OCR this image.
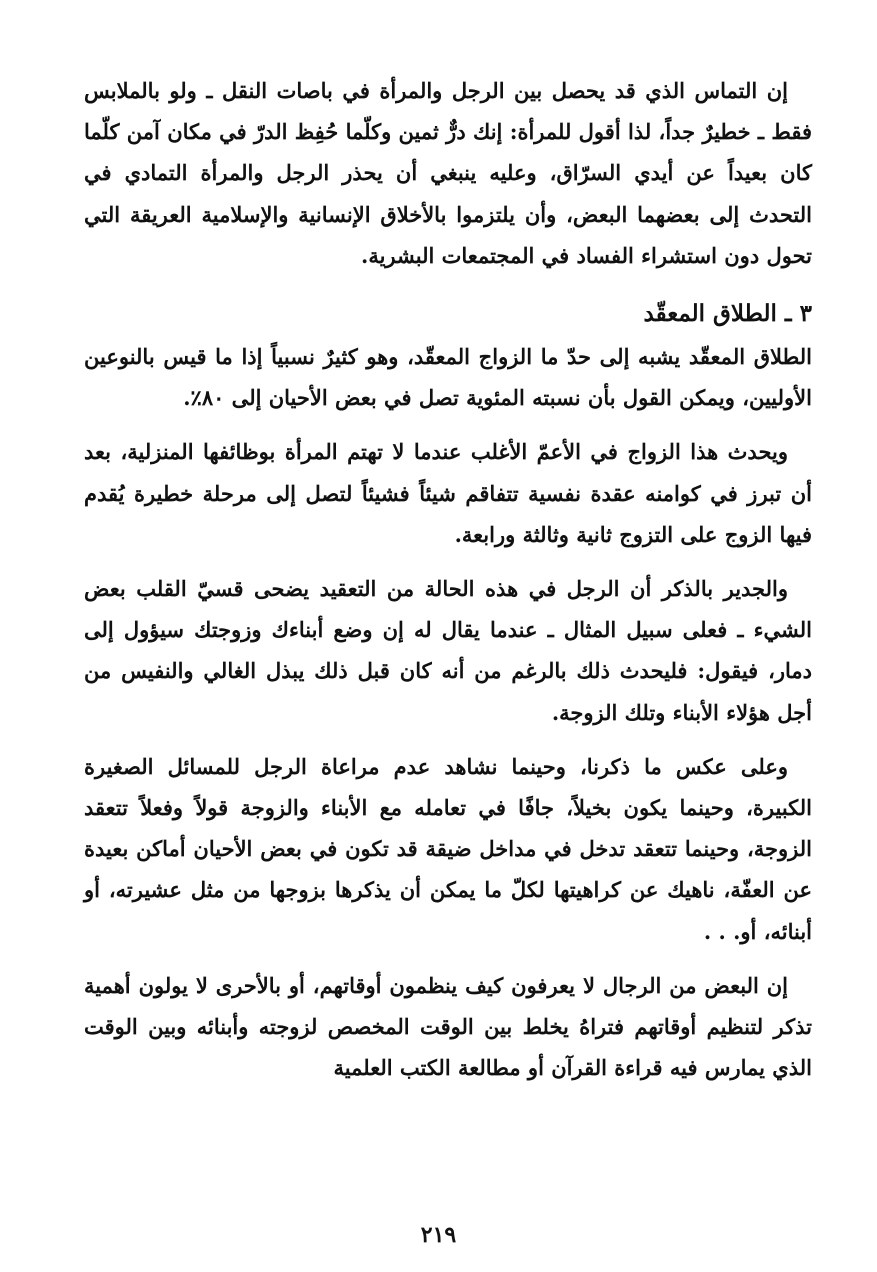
إن التماس الذي قد يحصل بين الرجل والمرأة في باصات النقل ـ ولو بالملابس فقط ـ خطيرٌ جداً، لذا أقول للمرأة: إنك درٌّ ثمين وكلّما حُفِظ الدرّ في مكان آمن كلّما كان بعيداً عن أيدي السرّاق، وعليه ينبغي أن يحذر الرجل والمرأة التمادي في التحدث إلى بعضهما البعض، وأن يلتزموا بالأخلاق الإنسانية والإسلامية العريقة التي تحول دون استشراء الفساد في المجتمعات البشرية.

٣ ـ الطلاق المعقّد

الطلاق المعقّد يشبه إلى حدّ ما الزواج المعقّد، وهو كثيرٌ نسبياً إذا ما قيس بالنوعين الأوليين، ويمكن القول بأن نسبته المئوية تصل في بعض الأحيان إلى ٨٠٪.

ويحدث هذا الزواج في الأعمّ الأغلب عندما لا تهتم المرأة بوظائفها المنزلية، بعد أن تبرز في كوامنه عقدة نفسية تتفاقم شيئاً فشيئاً لتصل إلى مرحلة خطيرة يُقدم فيها الزوج على التزوج ثانية وثالثة ورابعة.

والجدير بالذكر أن الرجل في هذه الحالة من التعقيد يضحى قسيّ القلب بعض الشيء ـ فعلى سبيل المثال ـ عندما يقال له إن وضع أبناءك وزوجتك سيؤول إلى دمار، فيقول: فليحدث ذلك بالرغم من أنه كان قبل ذلك يبذل الغالي والنفيس من أجل هؤلاء الأبناء وتلك الزوجة.

وعلى عكس ما ذكرنا، وحينما نشاهد عدم مراعاة الرجل للمسائل الصغيرة الكبيرة، وحينما يكون بخيلاً، جافًا في تعامله مع الأبناء والزوجة قولاً وفعلاً تتعقد الزوجة، وحينما تتعقد تدخل في مداخل ضيقة قد تكون في بعض الأحيان أماكن بعيدة عن العفّة، ناهيك عن كراهيتها لكلّ ما يمكن أن يذكرها بزوجها من مثل عشيرته، أو أبنائه، أو. . .

إن البعض من الرجال لا يعرفون كيف ينظمون أوقاتهم، أو بالأحرى لا يولون أهمية تذكر لتنظيم أوقاتهم فتراهُ يخلط بين الوقت المخصص لزوجته وأبنائه وبين الوقت الذي يمارس فيه قراءة القرآن أو مطالعة الكتب العلمية

٢١٩
